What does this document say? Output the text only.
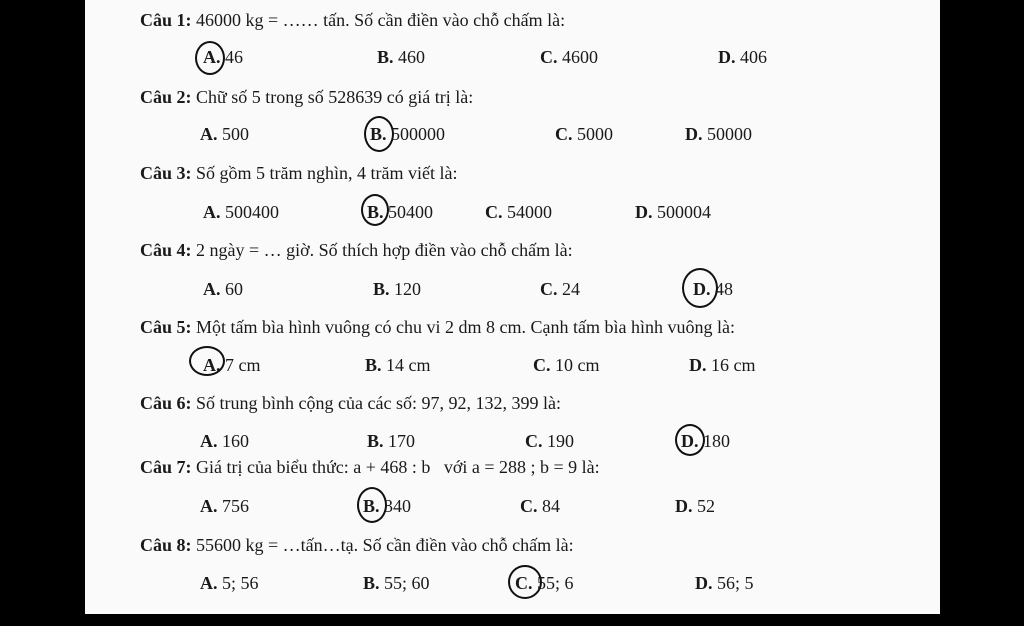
Câu 1: 46000 kg = …… tấn. Số cần điền vào chỗ chấm là:
A. 46	B. 460	C. 4600	D. 406
Câu 2: Chữ số 5 trong số 528639 có giá trị là:
A. 500	B. 500000	C. 5000	D. 50000
Câu 3: Số gồm 5 trăm nghìn, 4 trăm viết là:
A. 500400	B. 50400	C. 54000	D. 500004
Câu 4: 2 ngày = … giờ. Số thích hợp điền vào chỗ chấm là:
A. 60	B. 120	C. 24	D. 48
Câu 5: Một tấm bìa hình vuông có chu vi 2 dm 8 cm. Cạnh tấm bìa hình vuông là:
A. 7 cm	B. 14 cm	C. 10 cm	D. 16 cm
Câu 6: Số trung bình cộng của các số: 97, 92, 132, 399 là:
A. 160	B. 170	C. 190	D. 180
Câu 7: Giá trị của biểu thức: a + 468 : b   với a = 288 ; b = 9 là:
A. 756	B. 340	C. 84	D. 52
Câu 8: 55600 kg = …tấn…tạ. Số cần điền vào chỗ chấm là:
A. 5; 56	B. 55; 60	C. 55; 6	D. 56; 5
